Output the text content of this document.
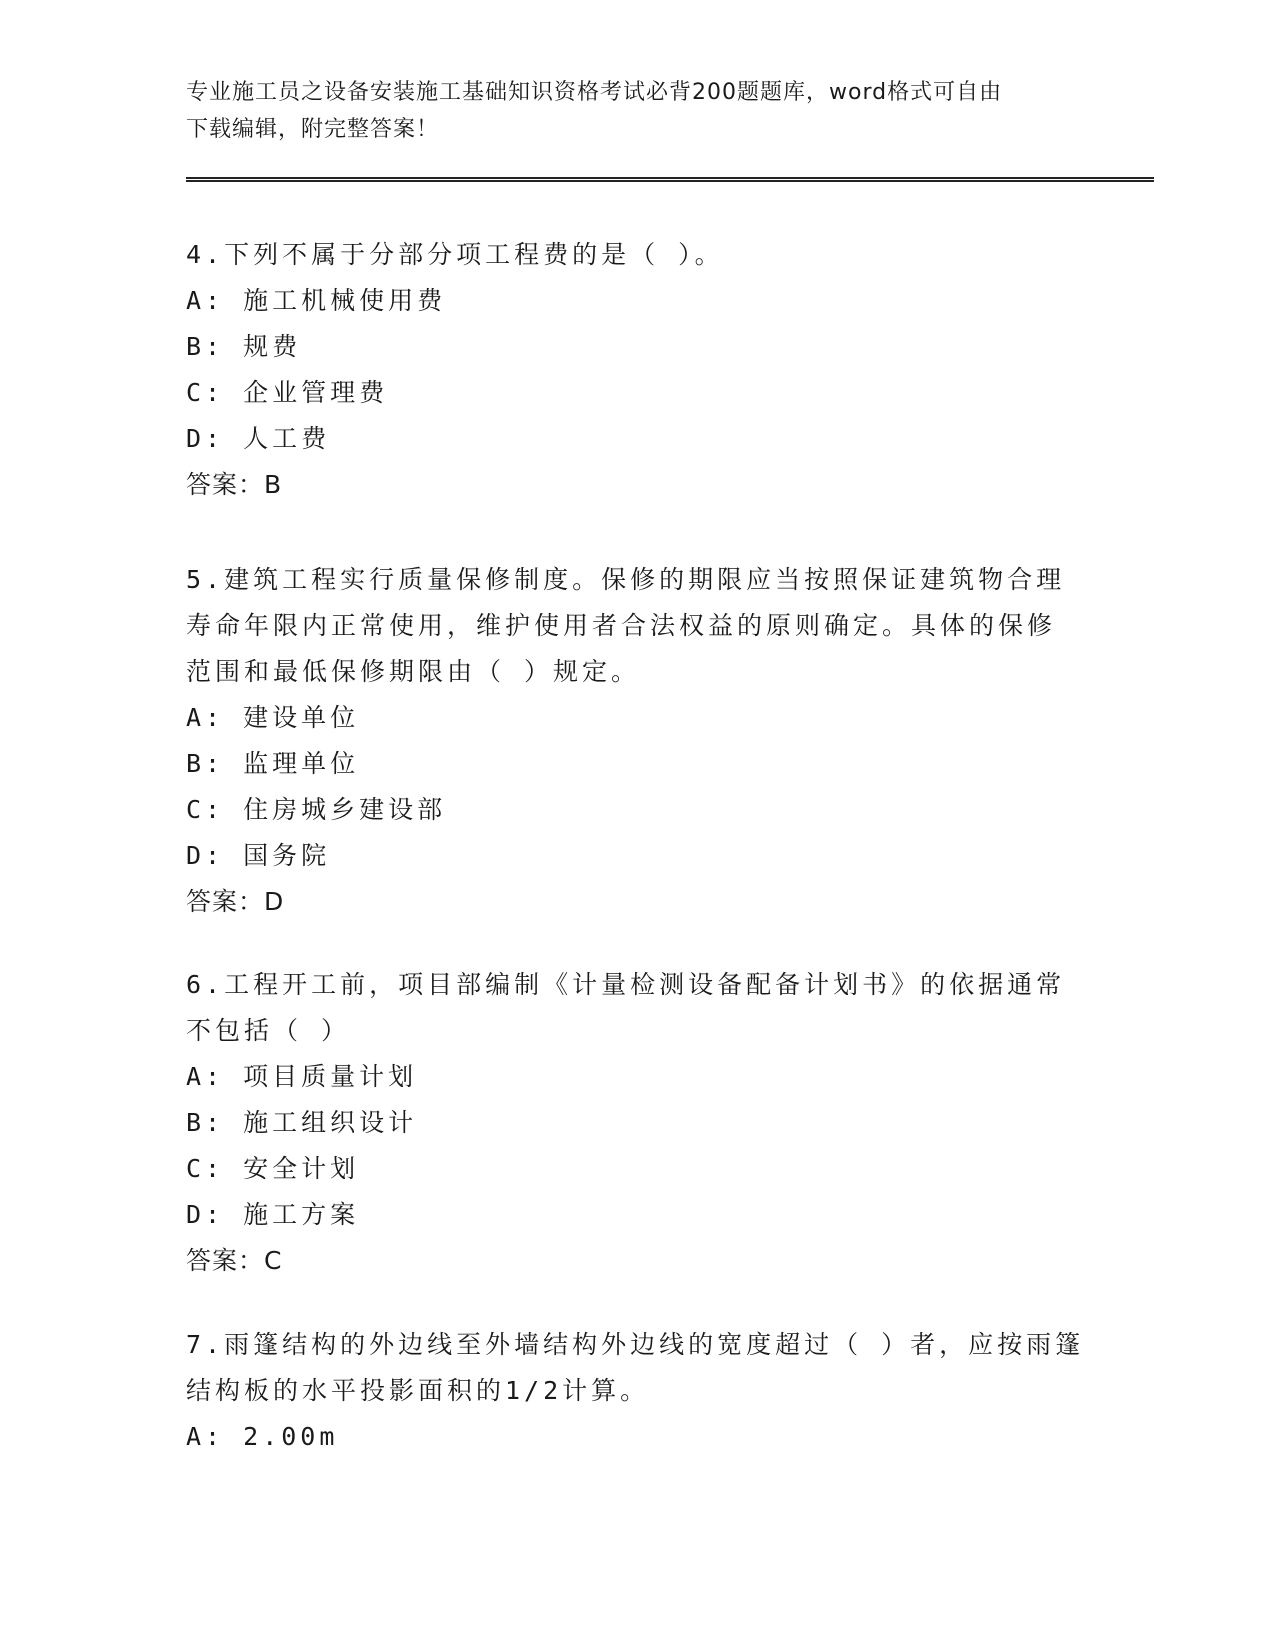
专业施工员之设备安装施工基础知识资格考试必背200题题库，word格式可自由
下载编辑，附完整答案！

4.下列不属于分部分项工程费的是（ ）。

A: 施工机械使用费

B: 规费

C: 企业管理费

D: 人工费

答案：B

5.建筑工程实行质量保修制度。保修的期限应当按照保证建筑物合理

寿命年限内正常使用，维护使用者合法权益的原则确定。具体的保修

范围和最低保修期限由（ ）规定。

A: 建设单位

B: 监理单位

C: 住房城乡建设部

D: 国务院

答案：D

6.工程开工前，项目部编制《计量检测设备配备计划书》的依据通常

不包括（ ）

A: 项目质量计划

B: 施工组织设计

C: 安全计划

D: 施工方案

答案：C

7.雨篷结构的外边线至外墙结构外边线的宽度超过（ ）者，应按雨篷

结构板的水平投影面积的1/2计算。

A: 2.00m
